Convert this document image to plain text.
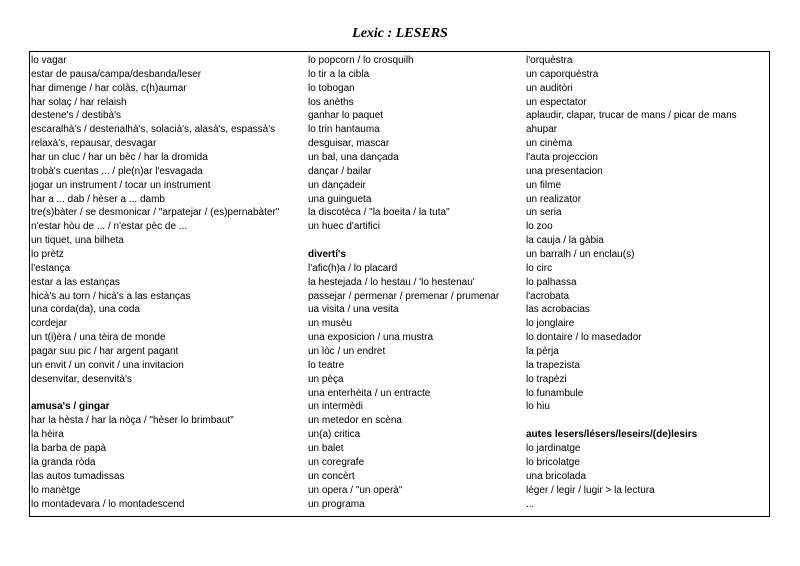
Lexic : LESERS
lo vagar
estar de pausa/campa/desbanda/leser
har dimenge / har colàs, c(h)aumar
har solaç / har relaish
destene's / destibà's
escaralhà's / destenalhà's, solacià's, alasà's, espassà's
relaxà's, repausar, desvagar
har un cluc / har un bèc / har la dromida
trobà's cuentas ... / ple(n)ar l'esvagada
jogar un instrument / tocar un instrument
har a ... dab / hèser a ... damb
tre(s)bàter / se desmonicar / "arpatejar / (es)pernabàter"
n'estar hòu de ... / n'estar pèc de ...
un tiquet, una bilheta
lo prètz
l'estança
estar a las estanças
hicà's au torn / hicà's a las estanças
una corda(da), una coda
cordejar
un t(i)èra / una tèira de monde
pagar suu pic / har argent pagant
un envit / un convit / una invitacion
desenvitar, desenvità's
amusa's / gingar
har la hèsta / har la nòça / "hèser lo brimbaut"
la hèira
la barba de papà
la granda ròda
las autos tumadissas
lo manètge
lo montadevara / lo montadescend
lo popcorn / lo crosquilh
lo tir a la cibla
lo tobogan
los anèths
ganhar lo paquet
lo trin hantauma
desguisar, mascar
un bal, una dançada
dançar / bailar
un dançadeir
una guingueta
la discotèca / "la boeita / la tuta"
un huec d'artifici
divertí's
l'afic(h)a / lo placard
la hestejada / lo hestau / 'lo hestenau'
passejar / permenar / premenar / prumenar
ua visita / una vesita
un musèu
una exposicion / una mustra
un lòc / un endret
lo teatre
un pèça
una enterhèita / un entracte
un intermèdi
un metedor en scèna
un(a) critica
un balet
un coregrafe
un concèrt
un opera / "un operà"
un programa
l'orquèstra
un caporquèstra
un auditòri
un espectator
aplaudir, clapar, trucar de mans / picar de mans
ahupar
un cinèma
l'auta projeccion
una presentacion
un filme
un realizator
un seria
lo zoo
la cauja / la gàbia
un barralh / un enclau(s)
lo circ
lo palhassa
l'acrobata
las acrobacias
lo jonglaire
lo dontaire / lo masedador
la pèrja
la trapezista
lo trapèzi
lo funambule
lo hiu
autes lesers/lésers/leseirs/(de)lesirs
lo jardinatge
lo bricolatge
una bricolada
léger / legir / lugir > la lectura
...
